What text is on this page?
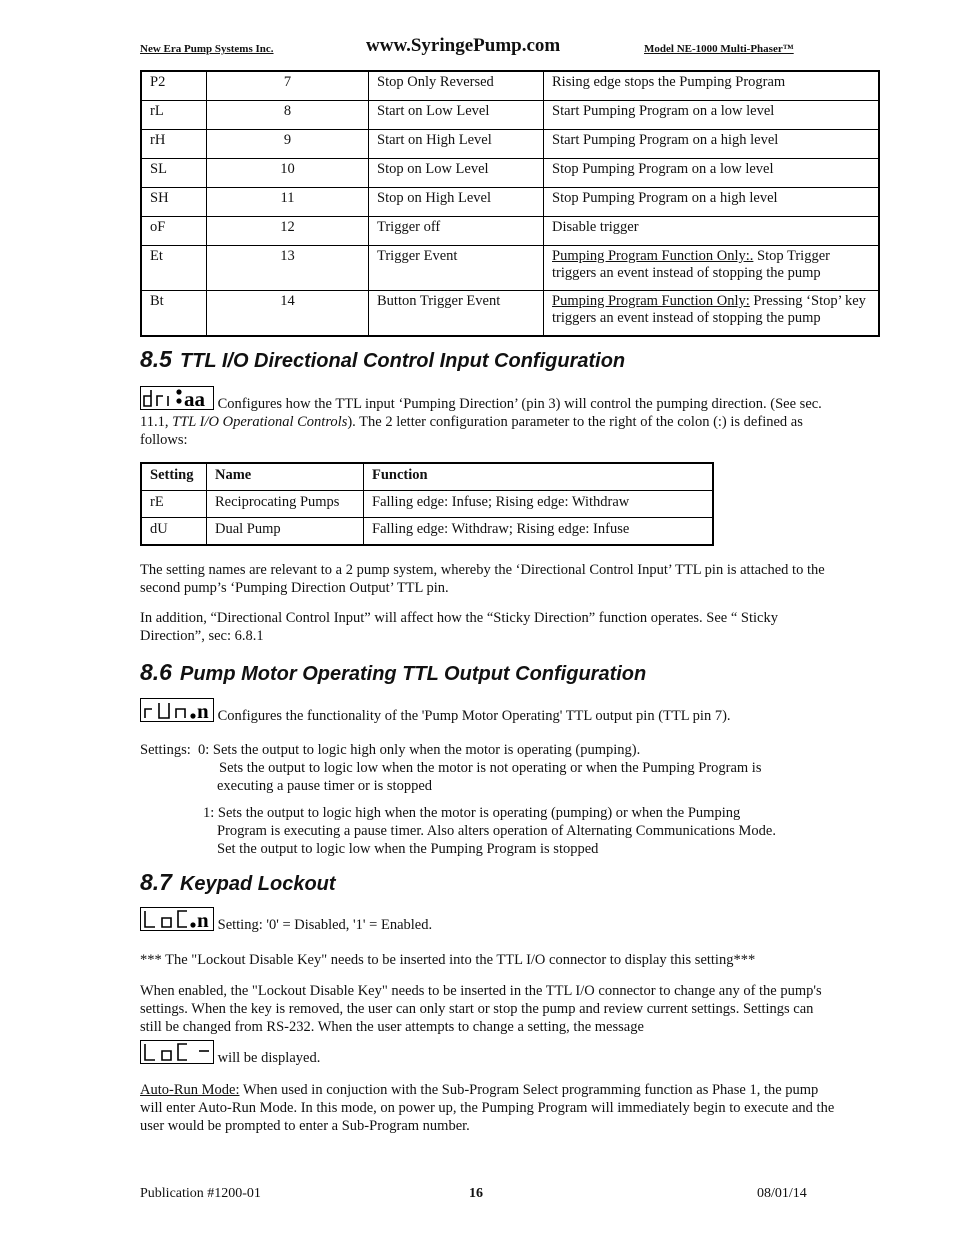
New Era Pump Systems Inc.	www.SyringePump.com	Model NE-1000 Multi-Phaser™
P2	7	Stop Only Reversed	Rising edge stops the Pumping Program
rL	8	Start on Low Level	Start Pumping Program on a low level
rH	9	Start on High Level	Start Pumping Program on a high level
SL	10	Stop on Low Level	Stop Pumping Program on a low level
SH	11	Stop on High Level	Stop Pumping Program on a high level
oF	12	Trigger off	Disable trigger
Et	13	Trigger Event	Pumping Program Function Only:. Stop Trigger triggers an event instead of stopping the pump
Bt	14	Button Trigger Event	Pumping Program Function Only: Pressing ‘Stop’ key triggers an event instead of stopping the pump
8.5 TTL I/O Directional Control Input Configuration

aa Configures how the TTL input ‘Pumping Direction’ (pin 3) will control the pumping direction. (See sec. 11.1, TTL I/O Operational Controls). The 2 letter configuration parameter to the right of the colon (:) is defined as follows:

Setting	Name	Function
rE	Reciprocating Pumps	Falling edge: Infuse; Rising edge: Withdraw
dU	Dual Pump	Falling edge: Withdraw; Rising edge: Infuse

The setting names are relevant to a 2 pump system, whereby the ‘Directional Control Input’ TTL pin is attached to the second pump’s ‘Pumping Direction Output’ TTL pin.

In addition, “Directional Control Input” will affect how the “Sticky Direction” function operates. See “ Sticky Direction”, sec: 6.8.1

8.6 Pump Motor Operating TTL Output Configuration

n Configures the functionality of the 'Pump Motor Operating' TTL output pin (TTL pin 7).

Settings: 0: Sets the output to logic high only when the motor is operating (pumping).
Sets the output to logic low when the motor is not operating or when the Pumping Program is
executing a pause timer or is stopped
1: Sets the output to logic high when the motor is operating (pumping) or when the Pumping
Program is executing a pause timer. Also alters operation of Alternating Communications Mode.
Set the output to logic low when the Pumping Program is stopped
8.7 Keypad Lockout

n Setting: '0' = Disabled, '1' = Enabled.

*** The "Lockout Disable Key" needs to be inserted into the TTL I/O connector to display this setting***

When enabled, the "Lockout Disable Key" needs to be inserted in the TTL I/O connector to change any of the pump's settings. When the key is removed, the user can only start or stop the pump and review current settings. Settings can still be changed from RS-232. When the user attempts to change a setting, the message

will be displayed.

Auto-Run Mode: When used in conjuction with the Sub-Program Select programming function as Phase 1, the pump will enter Auto-Run Mode. In this mode, on power up, the Pumping Program will immediately begin to execute and the user would be prompted to enter a Sub-Program number.

Publication #1200-01	16	08/01/14
